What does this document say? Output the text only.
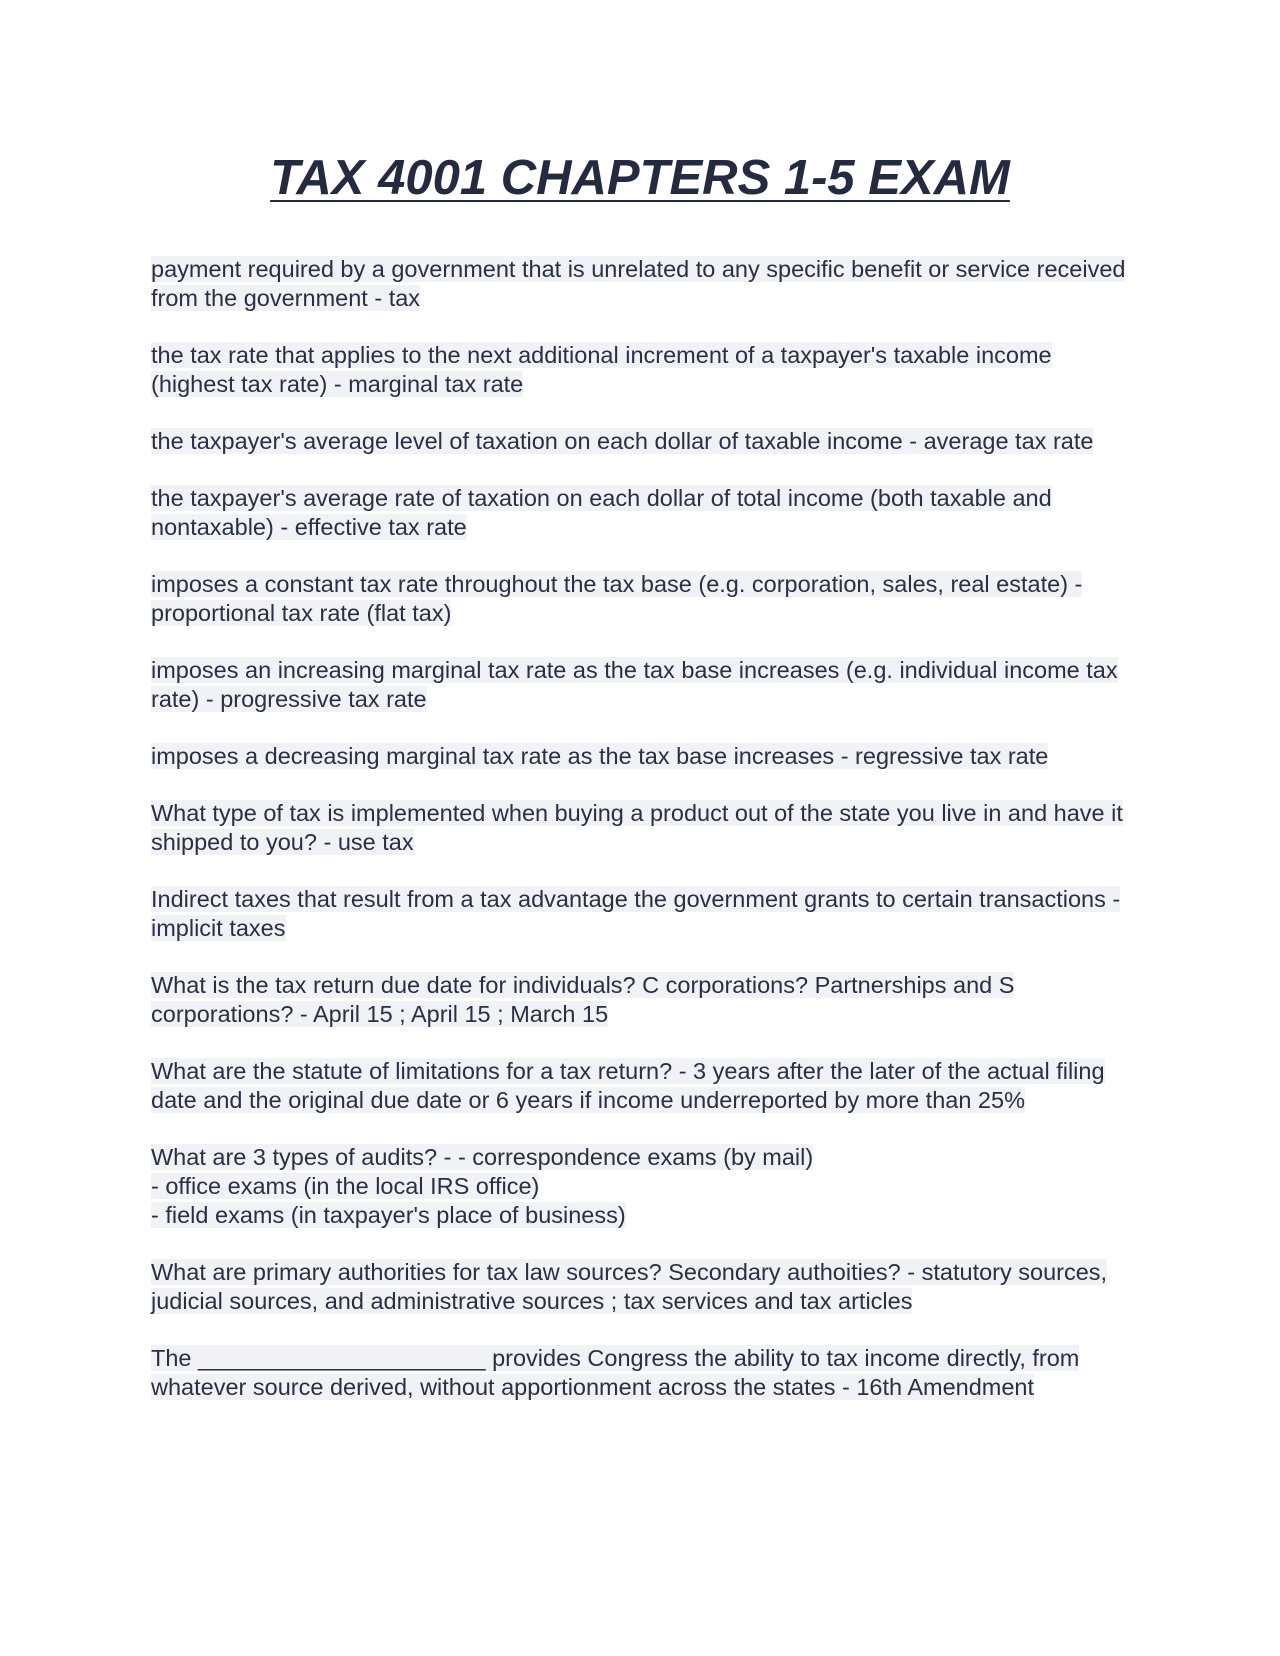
TAX 4001 CHAPTERS 1-5 EXAM

payment required by a government that is unrelated to any specific benefit or service received from the government - tax

the tax rate that applies to the next additional increment of a taxpayer's taxable income (highest tax rate) - marginal tax rate

the taxpayer's average level of taxation on each dollar of taxable income - average tax rate

the taxpayer's average rate of taxation on each dollar of total income (both taxable and nontaxable) - effective tax rate

imposes a constant tax rate throughout the tax base (e.g. corporation, sales, real estate) - proportional tax rate (flat tax)

imposes an increasing marginal tax rate as the tax base increases (e.g. individual income tax rate) - progressive tax rate

imposes a decreasing marginal tax rate as the tax base increases - regressive tax rate

What type of tax is implemented when buying a product out of the state you live in and have it shipped to you? - use tax

Indirect taxes that result from a tax advantage the government grants to certain transactions - implicit taxes

What is the tax return due date for individuals? C corporations? Partnerships and S corporations? - April 15 ; April 15 ; March 15

What are the statute of limitations for a tax return? - 3 years after the later of the actual filing date and the original due date or 6 years if income underreported by more than 25%

What are 3 types of audits? - - correspondence exams (by mail)
- office exams (in the local IRS office)
- field exams (in taxpayer's place of business)

What are primary authorities for tax law sources? Secondary authoities? - statutory sources, judicial sources, and administrative sources ; tax services and tax articles

The ______________________ provides Congress the ability to tax income directly, from whatever source derived, without apportionment across the states - 16th Amendment
